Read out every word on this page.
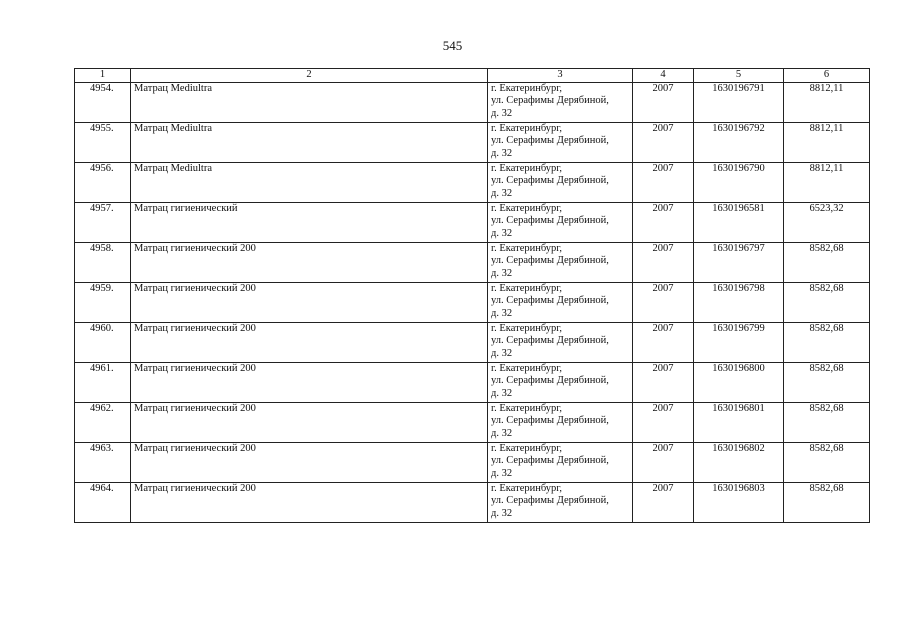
545
1	2	3	4	5	6
4954.	Матрац Mediultra	г. Екатеринбург,
ул. Серафимы Дерябиной,
д. 32	2007	1630196791	8812,11
4955.	Матрац Mediultra	г. Екатеринбург,
ул. Серафимы Дерябиной,
д. 32	2007	1630196792	8812,11
4956.	Матрац Mediultra	г. Екатеринбург,
ул. Серафимы Дерябиной,
д. 32	2007	1630196790	8812,11
4957.	Матрац гигиенический	г. Екатеринбург,
ул. Серафимы Дерябиной,
д. 32	2007	1630196581	6523,32
4958.	Матрац гигиенический 200	г. Екатеринбург,
ул. Серафимы Дерябиной,
д. 32	2007	1630196797	8582,68
4959.	Матрац гигиенический 200	г. Екатеринбург,
ул. Серафимы Дерябиной,
д. 32	2007	1630196798	8582,68
4960.	Матрац гигиенический 200	г. Екатеринбург,
ул. Серафимы Дерябиной,
д. 32	2007	1630196799	8582,68
4961.	Матрац гигиенический 200	г. Екатеринбург,
ул. Серафимы Дерябиной,
д. 32	2007	1630196800	8582,68
4962.	Матрац гигиенический 200	г. Екатеринбург,
ул. Серафимы Дерябиной,
д. 32	2007	1630196801	8582,68
4963.	Матрац гигиенический 200	г. Екатеринбург,
ул. Серафимы Дерябиной,
д. 32	2007	1630196802	8582,68
4964.	Матрац гигиенический 200	г. Екатеринбург,
ул. Серафимы Дерябиной,
д. 32	2007	1630196803	8582,68
